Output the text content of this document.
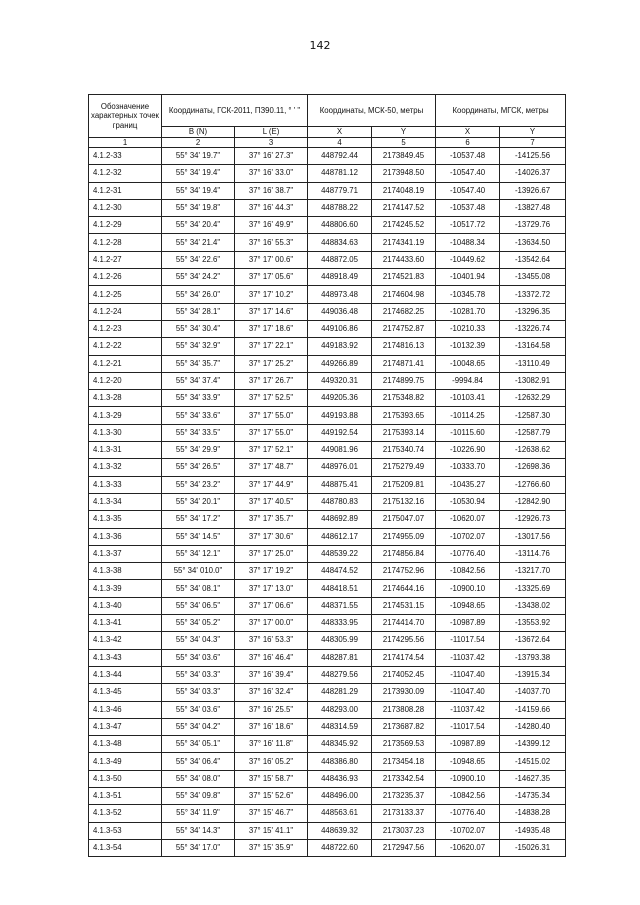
142
Обозначение характерных точек границ	Координаты, ГСК-2011, ПЗ90.11, ° ' "		Координаты, МСК-50, метры		Координаты, МГСК, метры	
	B (N)	L (E)	X	Y	X	Y
1	2	3	4	5	6	7
4.1.2-33	55° 34' 19.7"	37° 16' 27.3"	448792.44	2173849.45	-10537.48	-14125.56
4.1.2-32	55° 34' 19.4"	37° 16' 33.0"	448781.12	2173948.50	-10547.40	-14026.37
4.1.2-31	55° 34' 19.4"	37° 16' 38.7"	448779.71	2174048.19	-10547.40	-13926.67
4.1.2-30	55° 34' 19.8"	37° 16' 44.3"	448788.22	2174147.52	-10537.48	-13827.48
4.1.2-29	55° 34' 20.4"	37° 16' 49.9"	448806.60	2174245.52	-10517.72	-13729.76
4.1.2-28	55° 34' 21.4"	37° 16' 55.3"	448834.63	2174341.19	-10488.34	-13634.50
4.1.2-27	55° 34' 22.6"	37° 17' 00.6"	448872.05	2174433.60	-10449.62	-13542.64
4.1.2-26	55° 34' 24.2"	37° 17' 05.6"	448918.49	2174521.83	-10401.94	-13455.08
4.1.2-25	55° 34' 26.0"	37° 17' 10.2"	448973.48	2174604.98	-10345.78	-13372.72
4.1.2-24	55° 34' 28.1"	37° 17' 14.6"	449036.48	2174682.25	-10281.70	-13296.35
4.1.2-23	55° 34' 30.4"	37° 17' 18.6"	449106.86	2174752.87	-10210.33	-13226.74
4.1.2-22	55° 34' 32.9"	37° 17' 22.1"	449183.92	2174816.13	-10132.39	-13164.58
4.1.2-21	55° 34' 35.7"	37° 17' 25.2"	449266.89	2174871.41	-10048.65	-13110.49
4.1.2-20	55° 34' 37.4"	37° 17' 26.7"	449320.31	2174899.75	-9994.84	-13082.91
4.1.3-28	55° 34' 33.9"	37° 17' 52.5"	449205.36	2175348.82	-10103.41	-12632.29
4.1.3-29	55° 34' 33.6"	37° 17' 55.0"	449193.88	2175393.65	-10114.25	-12587.30
4.1.3-30	55° 34' 33.5"	37° 17' 55.0"	449192.54	2175393.14	-10115.60	-12587.79
4.1.3-31	55° 34' 29.9"	37° 17' 52.1"	449081.96	2175340.74	-10226.90	-12638.62
4.1.3-32	55° 34' 26.5"	37° 17' 48.7"	448976.01	2175279.49	-10333.70	-12698.36
4.1.3-33	55° 34' 23.2"	37° 17' 44.9"	448875.41	2175209.81	-10435.27	-12766.60
4.1.3-34	55° 34' 20.1"	37° 17' 40.5"	448780.83	2175132.16	-10530.94	-12842.90
4.1.3-35	55° 34' 17.2"	37° 17' 35.7"	448692.89	2175047.07	-10620.07	-12926.73
4.1.3-36	55° 34' 14.5"	37° 17' 30.6"	448612.17	2174955.09	-10702.07	-13017.56
4.1.3-37	55° 34' 12.1"	37° 17' 25.0"	448539.22	2174856.84	-10776.40	-13114.76
4.1.3-38	55° 34' 010.0"	37° 17' 19.2"	448474.52	2174752.96	-10842.56	-13217.70
4.1.3-39	55° 34' 08.1"	37° 17' 13.0"	448418.51	2174644.16	-10900.10	-13325.69
4.1.3-40	55° 34' 06.5"	37° 17' 06.6"	448371.55	2174531.15	-10948.65	-13438.02
4.1.3-41	55° 34' 05.2"	37° 17' 00.0"	448333.95	2174414.70	-10987.89	-13553.92
4.1.3-42	55° 34' 04.3"	37° 16' 53.3"	448305.99	2174295.56	-11017.54	-13672.64
4.1.3-43	55° 34' 03.6"	37° 16' 46.4"	448287.81	2174174.54	-11037.42	-13793.38
4.1.3-44	55° 34' 03.3"	37° 16' 39.4"	448279.56	2174052.45	-11047.40	-13915.34
4.1.3-45	55° 34' 03.3"	37° 16' 32.4"	448281.29	2173930.09	-11047.40	-14037.70
4.1.3-46	55° 34' 03.6"	37° 16' 25.5"	448293.00	2173808.28	-11037.42	-14159.66
4.1.3-47	55° 34' 04.2"	37° 16' 18.6"	448314.59	2173687.82	-11017.54	-14280.40
4.1.3-48	55° 34' 05.1"	37° 16' 11.8"	448345.92	2173569.53	-10987.89	-14399.12
4.1.3-49	55° 34' 06.4"	37° 16' 05.2"	448386.80	2173454.18	-10948.65	-14515.02
4.1.3-50	55° 34' 08.0"	37° 15' 58.7"	448436.93	2173342.54	-10900.10	-14627.35
4.1.3-51	55° 34' 09.8"	37° 15' 52.6"	448496.00	2173235.37	-10842.56	-14735.34
4.1.3-52	55° 34' 11.9"	37° 15' 46.7"	448563.61	2173133.37	-10776.40	-14838.28
4.1.3-53	55° 34' 14.3"	37° 15' 41.1"	448639.32	2173037.23	-10702.07	-14935.48
4.1.3-54	55° 34' 17.0"	37° 15' 35.9"	448722.60	2172947.56	-10620.07	-15026.31
